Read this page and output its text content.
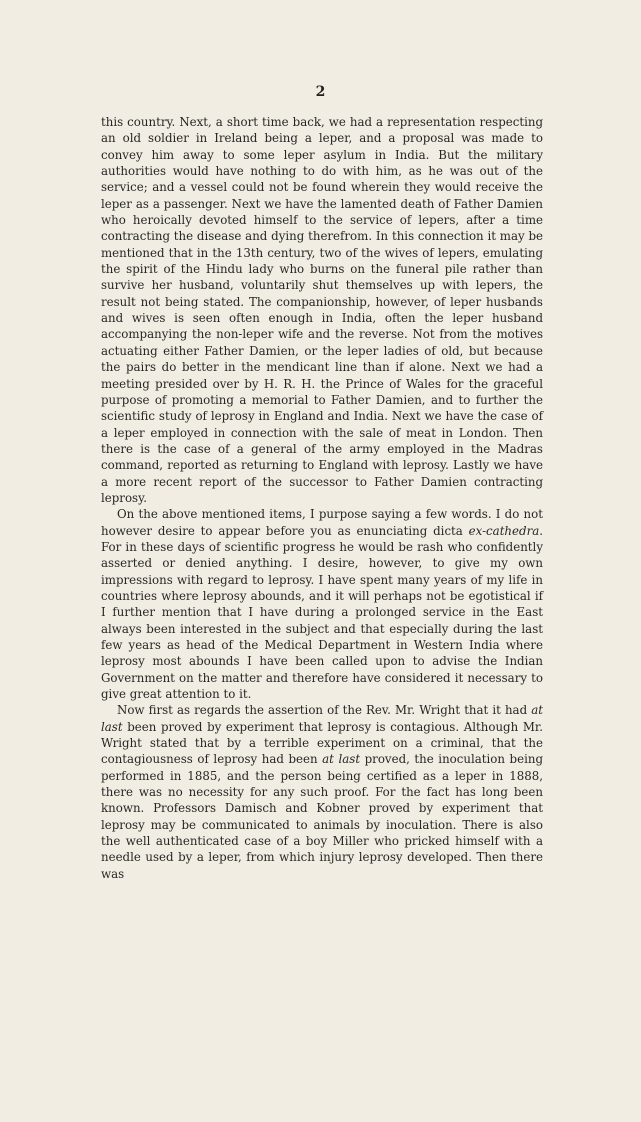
2

this country. Next, a short time back, we had a representation respecting an old soldier in Ireland being a leper, and a proposal was made to convey him away to some leper asylum in India. But the military authorities would have nothing to do with him, as he was out of the service; and a vessel could not be found wherein they would receive the leper as a passenger. Next we have the lamented death of Father Damien who heroically devoted himself to the service of lepers, after a time contracting the disease and dying therefrom. In this connection it may be mentioned that in the 13th century, two of the wives of lepers, emulating the spirit of the Hindu lady who burns on the funeral pile rather than survive her husband, voluntarily shut themselves up with lepers, the result not being stated. The companionship, however, of leper husbands and wives is seen often enough in India, often the leper husband accompanying the non-leper wife and the reverse. Not from the motives actuating either Father Damien, or the leper ladies of old, but because the pairs do better in the mendicant line than if alone. Next we had a meeting presided over by H. R. H. the Prince of Wales for the graceful purpose of promoting a memorial to Father Damien, and to further the scientific study of leprosy in England and India. Next we have the case of a leper employed in connection with the sale of meat in London. Then there is the case of a general of the army employed in the Madras command, reported as returning to England with leprosy. Lastly we have a more recent report of the successor to Father Damien contracting leprosy.

On the above mentioned items, I purpose saying a few words. I do not however desire to appear before you as enunciating dicta ex-cathedra. For in these days of scientific progress he would be rash who confidently asserted or denied anything. I desire, however, to give my own impressions with regard to leprosy. I have spent many years of my life in countries where leprosy abounds, and it will perhaps not be egotistical if I further mention that I have during a prolonged service in the East always been interested in the subject and that especially during the last few years as head of the Medical Department in Western India where leprosy most abounds I have been called upon to advise the Indian Government on the matter and therefore have considered it necessary to give great attention to it.

Now first as regards the assertion of the Rev. Mr. Wright that it had at last been proved by experiment that leprosy is contagious. Although Mr. Wright stated that by a terrible experiment on a criminal, that the contagiousness of leprosy had been at last proved, the inoculation being performed in 1885, and the person being certified as a leper in 1888, there was no necessity for any such proof. For the fact has long been known. Professors Damisch and Kobner proved by experiment that leprosy may be communicated to animals by inoculation. There is also the well authenticated case of a boy Miller who pricked himself with a needle used by a leper, from which injury leprosy developed. Then there was
